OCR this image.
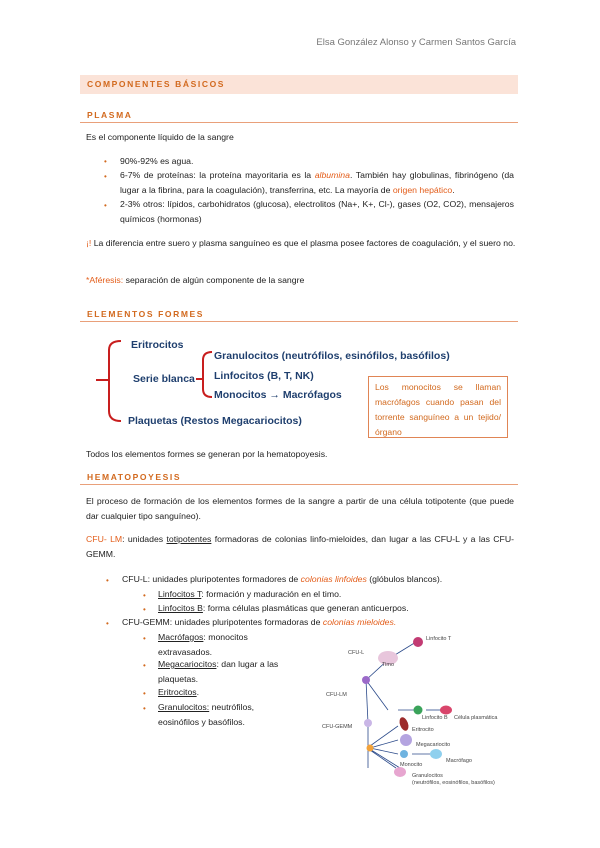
Elsa González Alonso y Carmen Santos García
COMPONENTES BÁSICOS
PLASMA
Es el componente líquido de la sangre
• 90%-92% es agua.
• 6-7% de proteínas: la proteína mayoritaria es la albumina. También hay globulinas, fibrinógeno (da lugar a la fibrina, para la coagulación), transferrina, etc. La mayoría de origen hepático.
• 2-3% otros: lípidos, carbohidratos (glucosa), electrolitos (Na+, K+, Cl-), gases (O2, CO2), mensajeros químicos (hormonas)
¡! La diferencia entre suero y plasma sanguíneo es que el plasma posee factores de coagulación, y el suero no.
*Aféresis: separación de algún componente de la sangre
ELEMENTOS FORMES
Eritrocitos
Serie blanca
Granulocitos (neutrófilos, esinófilos, basófilos)
Linfocitos (B, T, NK)
Monocitos → Macrófagos
Plaquetas (Restos Megacariocitos)
Los monocitos se llaman macrófagos cuando pasan del torrente sanguíneo a un tejido/órgano
Todos los elementos formes se generan por la hematopoyesis.
HEMATOPOYESIS
El proceso de formación de los elementos formes de la sangre a partir de una célula totipotente (que puede dar cualquier tipo sanguíneo).
CFU- LM: unidades totipotentes formadoras de colonias linfo-mieloides, dan lugar a las CFU-L y a las CFU-GEMM.
• CFU-L: unidades pluripotentes formadores de colonias linfoides (glóbulos blancos).
• Linfocitos T: formación y maduración en el timo.
• Linfocitos B: forma células plasmáticas que generan anticuerpos.
• CFU-GEMM: unidades pluripotentes formadoras de colonias mieloides.
• Macrófagos: monocitos extravasados.
• Megacariocitos: dan lugar a las plaquetas.
• Eritrocitos.
• Granulocitos: neutrófilos, eosinófilos y basófilos.
CFU-L
CFU-LM
CFU-GEMM
Timo
Linfocito T
Linfocito B Célula plasmática
Eritrocito
Megacariocito
Monocito
Macrófago
Granulocitos
(neutrófilos, eosinófilos, basófilos)
